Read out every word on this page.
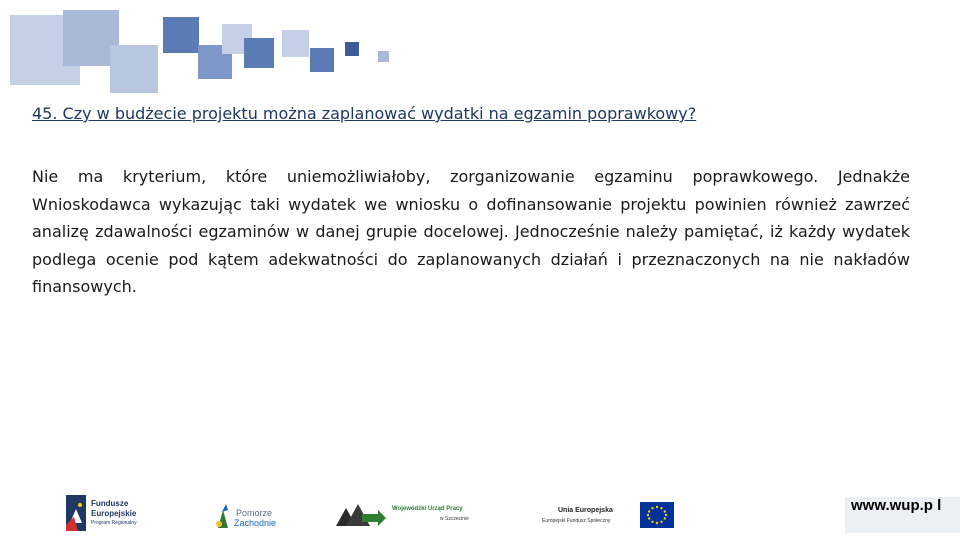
45. Czy w budżecie projektu można zaplanować wydatki na egzamin poprawkowy?

Nie ma kryterium, które uniemożliwiałoby, zorganizowanie egzaminu poprawkowego. Jednakże Wnioskodawca wykazując taki wydatek we wniosku o dofinansowanie projektu powinien również zawrzeć analizę zdawalności egzaminów w danej grupie docelowej. Jednocześnie należy pamiętać, iż każdy wydatek podlega ocenie pod kątem adekwatności do zaplanowanych działań i przeznaczonych na nie nakładów finansowych.

Fundusze
Europejskie
Program Regionalny
Pomorze
Zachodnie
Wojewódzki Urząd Pracy
w Szczecinie
Unia Europejska
Europejski Fundusz Społeczny
www.wup.p l
